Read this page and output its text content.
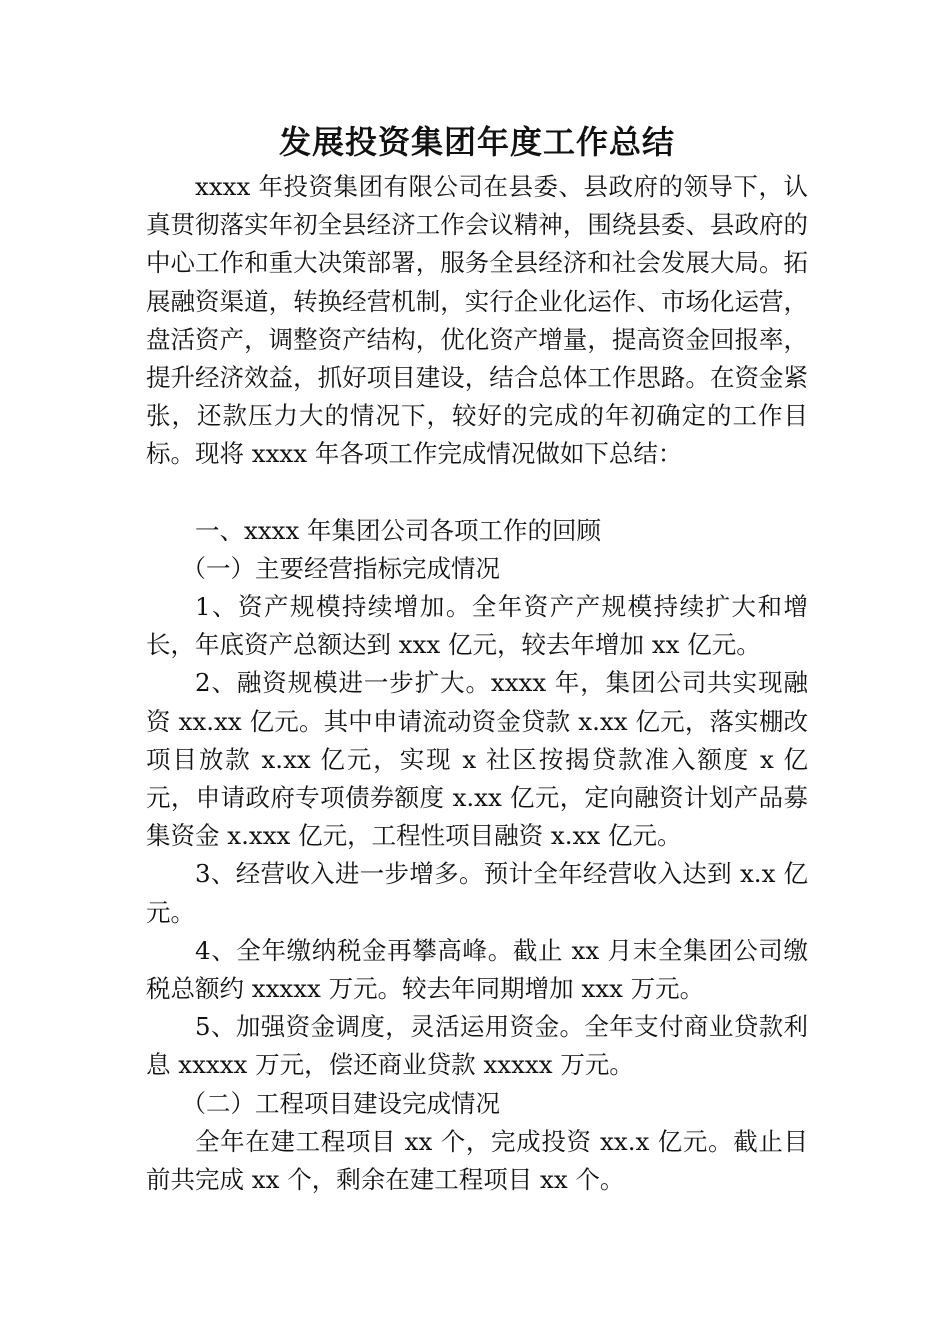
发展投资集团年度工作总结

xxxx 年投资集团有限公司在县委、县政府的领导下，认真贯彻落实年初全县经济工作会议精神，围绕县委、县政府的中心工作和重大决策部署，服务全县经济和社会发展大局。拓展融资渠道，转换经营机制，实行企业化运作、市场化运营，盘活资产，调整资产结构，优化资产增量，提高资金回报率，提升经济效益，抓好项目建设，结合总体工作思路。在资金紧张，还款压力大的情况下，较好的完成的年初确定的工作目标。现将 xxxx 年各项工作完成情况做如下总结：

一、xxxx 年集团公司各项工作的回顾

（一）主要经营指标完成情况

1、资产规模持续增加。全年资产产规模持续扩大和增长，年底资产总额达到 xxx 亿元，较去年增加 xx 亿元。

2、融资规模进一步扩大。xxxx 年，集团公司共实现融资 xx.xx 亿元。其中申请流动资金贷款 x.xx 亿元，落实棚改项目放款 x.xx 亿元，实现 x 社区按揭贷款准入额度 x 亿元，申请政府专项债券额度 x.xx 亿元，定向融资计划产品募集资金 x.xxx 亿元，工程性项目融资 x.xx 亿元。

3、经营收入进一步增多。预计全年经营收入达到 x.x 亿元。

4、全年缴纳税金再攀高峰。截止 xx 月末全集团公司缴税总额约 xxxxx 万元。较去年同期增加 xxx 万元。

5、加强资金调度，灵活运用资金。全年支付商业贷款利息 xxxxx 万元，偿还商业贷款 xxxxx 万元。

（二）工程项目建设完成情况

全年在建工程项目 xx 个，完成投资 xx.x 亿元。截止目前共完成 xx 个，剩余在建工程项目 xx 个。
